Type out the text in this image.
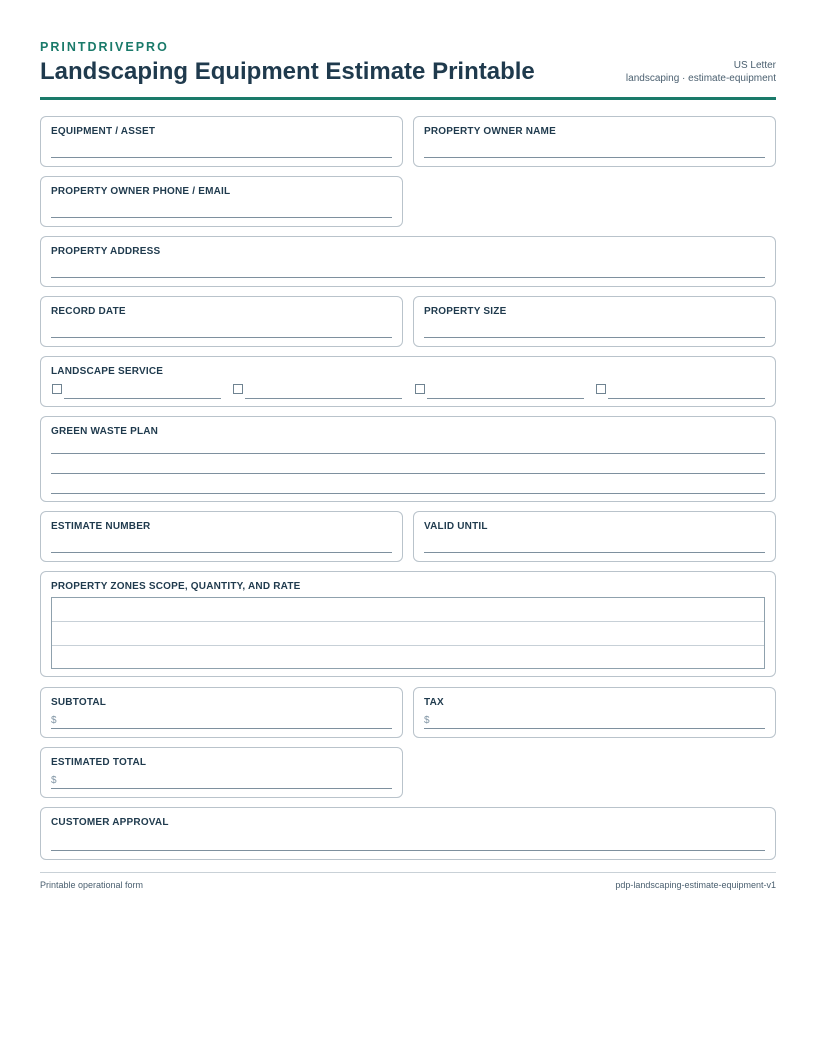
PRINTDRIVEPRO
Landscaping Equipment Estimate Printable	US Letter
landscaping · estimate-equipment
EQUIPMENT / ASSET	PROPERTY OWNER NAME
PROPERTY OWNER PHONE / EMAIL
PROPERTY ADDRESS
RECORD DATE	PROPERTY SIZE
LANDSCAPE SERVICE
GREEN WASTE PLAN
ESTIMATE NUMBER	VALID UNTIL
PROPERTY ZONES SCOPE, QUANTITY, AND RATE
SUBTOTAL
$
TAX
$
ESTIMATED TOTAL
$
CUSTOMER APPROVAL
Printable operational form	pdp-landscaping-estimate-equipment-v1
